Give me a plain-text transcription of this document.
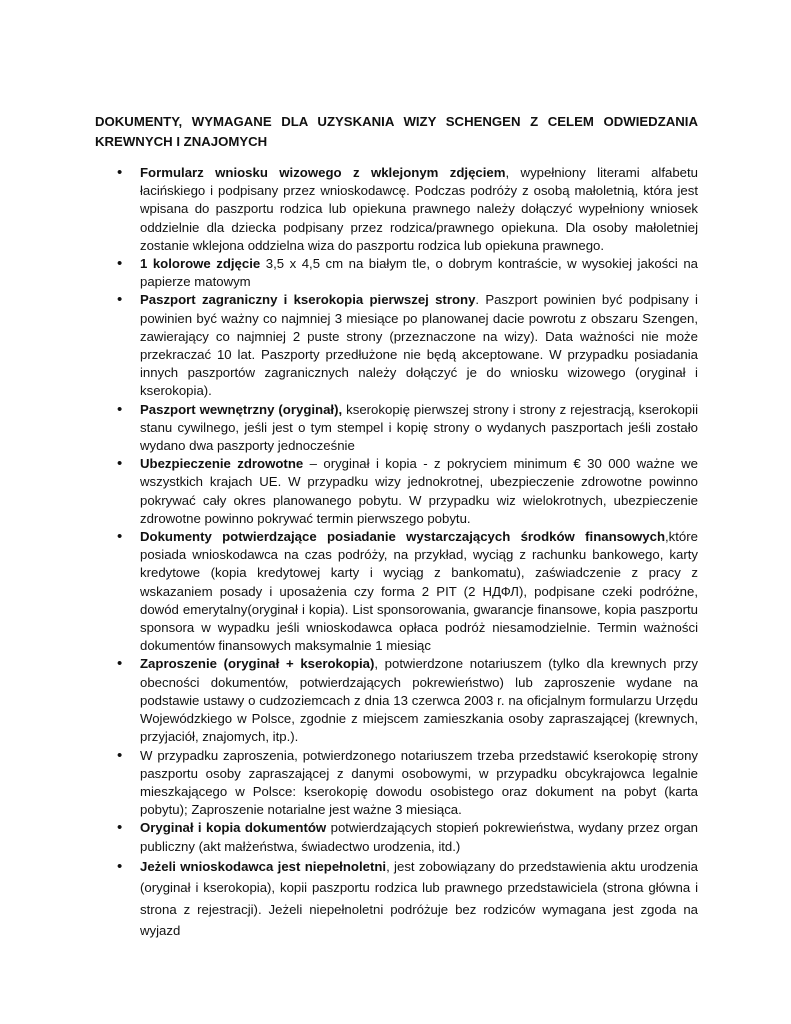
DOKUMENTY, WYMAGANE DLA UZYSKANIA WIZY SCHENGEN Z CELEM ODWIEDZANIA

KREWNYCH I ZNAJOMYCH

• Formularz wniosku wizowego z wklejonym zdjęciem, wypełniony literami alfabetu łacińskiego i podpisany przez wnioskodawcę. Podczas podróży z osobą małoletnią, która jest wpisana do paszportu rodzica lub opiekuna prawnego należy dołączyć wypełniony wniosek oddzielnie dla dziecka podpisany przez rodzica/prawnego opiekuna. Dla osoby małoletniej zostanie wklejona oddzielna wiza do paszportu rodzica lub opiekuna prawnego.
• 1 kolorowe zdjęcie 3,5 x 4,5 cm na białym tle, o dobrym kontraście, w wysokiej jakości na papierze matowym
• Paszport zagraniczny i kserokopia pierwszej strony. Paszport powinien być podpisany i powinien być ważny co najmniej 3 miesiące po planowanej dacie powrotu z obszaru Szengen, zawierający co najmniej 2 puste strony (przeznaczone na wizy). Data ważności nie może przekraczać 10 lat. Paszporty przedłużone nie będą akceptowane. W przypadku posiadania innych paszportów zagranicznych należy dołączyć je do wniosku wizowego (oryginał i kserokopia).
• Paszport wewnętrzny (oryginał), kserokopię pierwszej strony i strony z rejestracją, kserokopii stanu cywilnego, jeśli jest o tym stempel i kopię strony o wydanych paszportach jeśli zostało wydano dwa paszporty jednocześnie
• Ubezpieczenie zdrowotne – oryginał i kopia - z pokryciem minimum € 30 000 ważne we wszystkich krajach UE. W przypadku wizy jednokrotnej, ubezpieczenie zdrowotne powinno pokrywać cały okres planowanego pobytu. W przypadku wiz wielokrotnych, ubezpieczenie zdrowotne powinno pokrywać termin pierwszego pobytu.
• Dokumenty potwierdzające posiadanie wystarczających środków finansowych,które posiada wnioskodawca na czas podróży, na przykład, wyciąg z rachunku bankowego, karty kredytowe (kopia kredytowej karty i wyciąg z bankomatu), zaświadczenie z pracy z wskazaniem posady i uposażenia czy forma 2 PIT (2 НДФЛ), podpisane czeki podróżne, dowód emerytalny(oryginał i kopia). List sponsorowania, gwarancje finansowe, kopia paszportu sponsora w wypadku jeśli wnioskodawca opłaca podróż niesamodzielnie. Termin ważności dokumentów finansowych maksymalnie 1 miesiąc
• Zaproszenie (oryginał + kserokopia), potwierdzone notariuszem (tylko dla krewnych przy obecności dokumentów, potwierdzających pokrewieństwo) lub zaproszenie wydane na podstawie ustawy o cudzoziemcach z dnia 13 czerwca 2003 r. na oficjalnym formularzu Urzędu Wojewódzkiego w Polsce, zgodnie z miejscem zamieszkania osoby zapraszającej (krewnych, przyjaciół, znajomych, itp.).
• W przypadku zaproszenia, potwierdzonego notariuszem trzeba przedstawić kserokopię strony paszportu osoby zapraszającej z danymi osobowymi, w przypadku obcykrajowca legalnie mieszkającego w Polsce: kserokopię dowodu osobistego oraz dokument na pobyt (karta pobytu); Zaproszenie notarialne jest ważne 3 miesiąca.
• Oryginał i kopia dokumentów potwierdzających stopień pokrewieństwa, wydany przez organ publiczny (akt małżeństwa, świadectwo urodzenia, itd.)
• Jeżeli wnioskodawca jest niepełnoletni, jest zobowiązany do przedstawienia aktu urodzenia (oryginał i kserokopia), kopii paszportu rodzica lub prawnego przedstawiciela (strona główna i strona z rejestracji). Jeżeli niepełnoletni podróżuje bez rodziców wymagana jest zgoda na wyjazd
